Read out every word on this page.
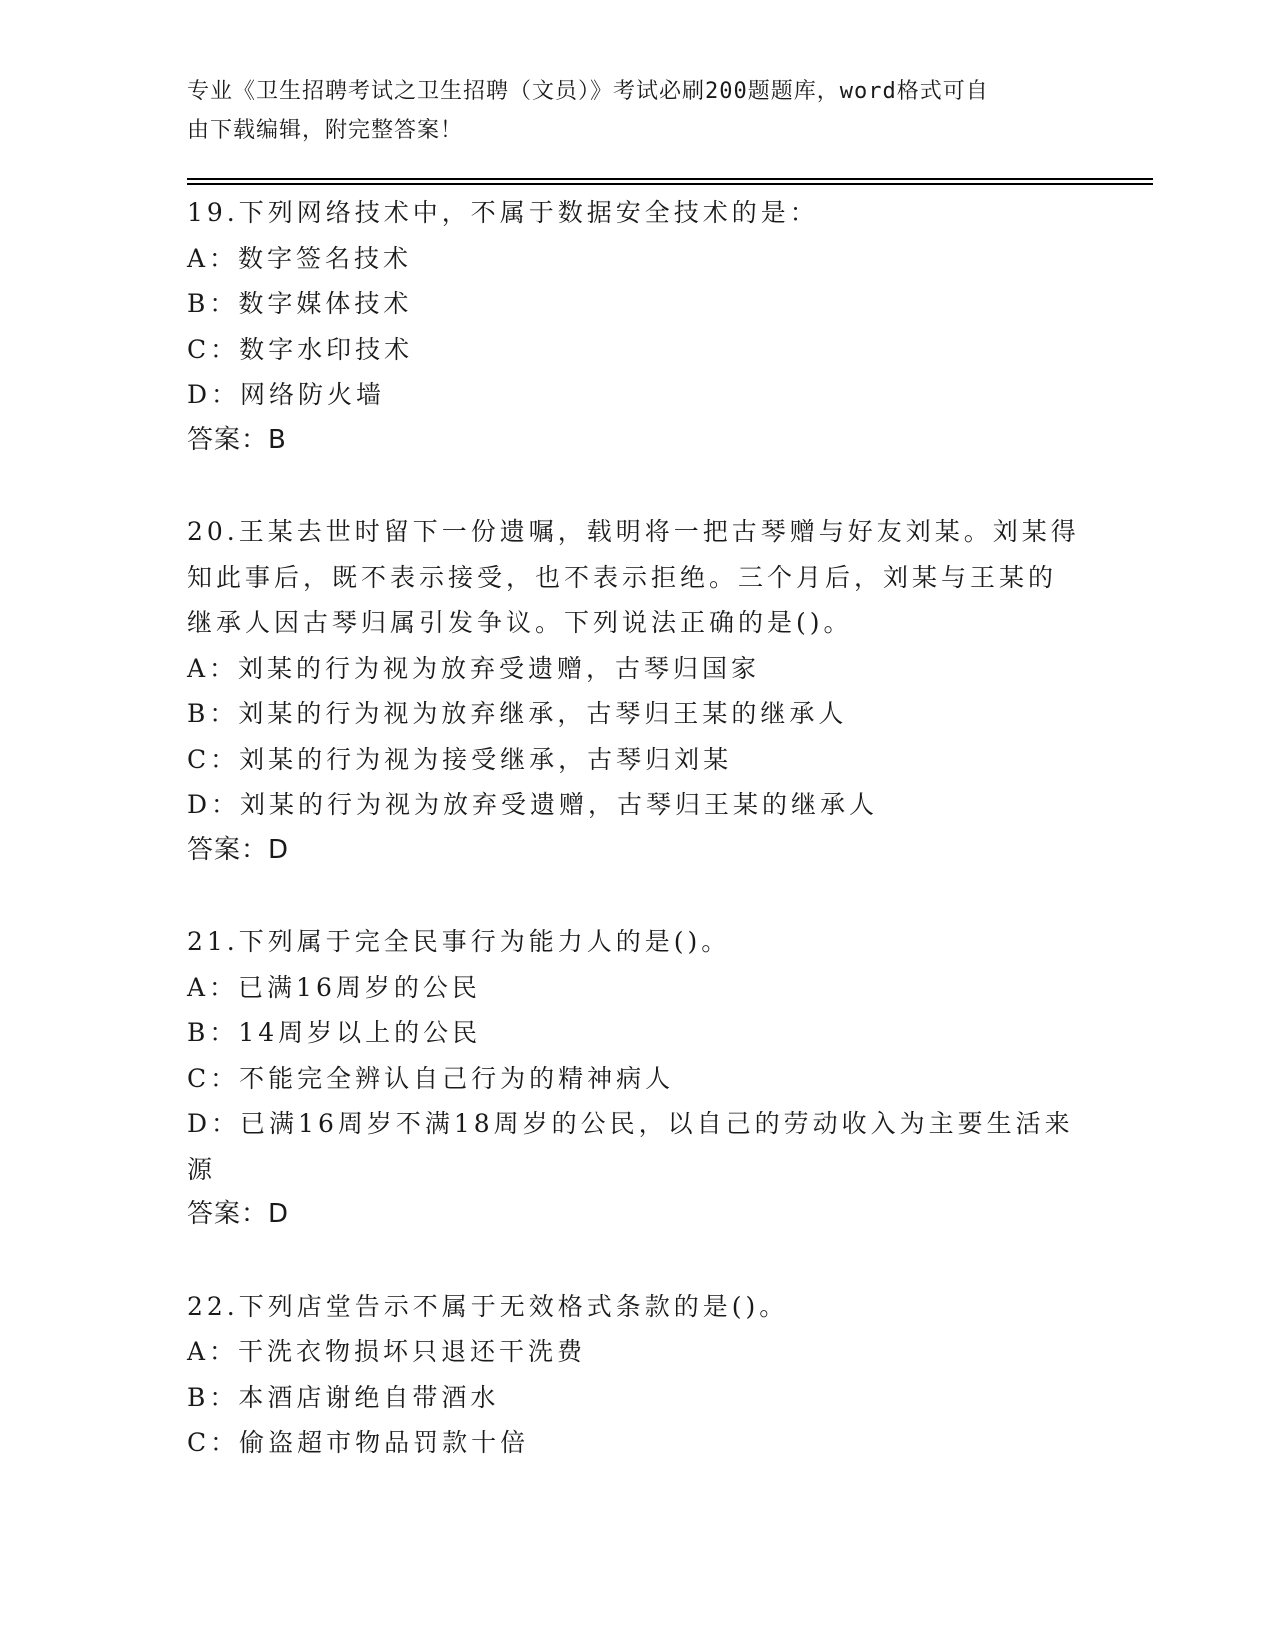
专业《卫生招聘考试之卫生招聘（文员）》考试必刷200题题库，word格式可自
由下载编辑，附完整答案！
19.下列网络技术中，不属于数据安全技术的是：
A：数字签名技术
B：数字媒体技术
C：数字水印技术
D：网络防火墙
答案：B
20.王某去世时留下一份遗嘱，载明将一把古琴赠与好友刘某。刘某得
知此事后，既不表示接受，也不表示拒绝。三个月后，刘某与王某的
继承人因古琴归属引发争议。下列说法正确的是()。
A：刘某的行为视为放弃受遗赠，古琴归国家
B：刘某的行为视为放弃继承，古琴归王某的继承人
C：刘某的行为视为接受继承，古琴归刘某
D：刘某的行为视为放弃受遗赠，古琴归王某的继承人
答案：D
21.下列属于完全民事行为能力人的是()。
A：已满16周岁的公民
B：14周岁以上的公民
C：不能完全辨认自己行为的精神病人
D：已满16周岁不满18周岁的公民，以自己的劳动收入为主要生活来
源
答案：D
22.下列店堂告示不属于无效格式条款的是()。
A：干洗衣物损坏只退还干洗费
B：本酒店谢绝自带酒水
C：偷盗超市物品罚款十倍
